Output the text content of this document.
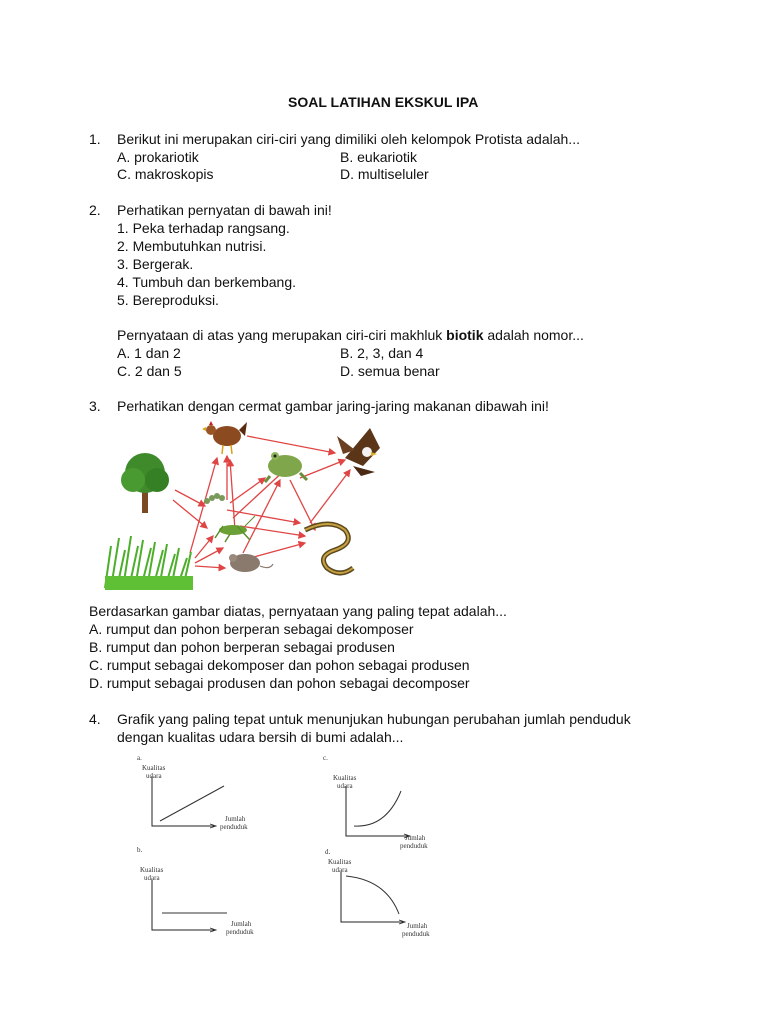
SOAL LATIHAN EKSKUL IPA
1. Berikut ini merupakan ciri-ciri yang dimiliki oleh kelompok Protista adalah...
A. prokariotik	B. eukariotik
C. makroskopis	D. multiseluler
2. Perhatikan pernyatan di bawah ini!
1. Peka terhadap rangsang.
2. Membutuhkan nutrisi.
3. Bergerak.
4. Tumbuh dan berkembang.
5. Bereproduksi.
Pernyataan di atas yang merupakan ciri-ciri makhluk biotik adalah nomor...
A. 1 dan 2	B. 2, 3, dan 4
C. 2 dan 5	D. semua benar
3. Perhatikan dengan cermat gambar jaring-jaring makanan dibawah ini!
Berdasarkan gambar diatas, pernyataan yang paling tepat adalah...
A. rumput dan pohon berperan sebagai dekomposer
B. rumput dan pohon berperan sebagai produsen
C. rumput sebagai dekomposer dan pohon sebagai produsen
D. rumput sebagai produsen dan pohon sebagai decomposer
4. Grafik yang paling tepat untuk menunjukan hubungan perubahan jumlah penduduk
dengan kualitas udara bersih di bumi adalah...
a.
Kualitas
udara
Jumlah
penduduk
b.
Kualitas
udara
Jumlah
penduduk
c.
Kualitas
udara
Jumlah
penduduk
d.
Kualitas
udara
Jumlah
penduduk
